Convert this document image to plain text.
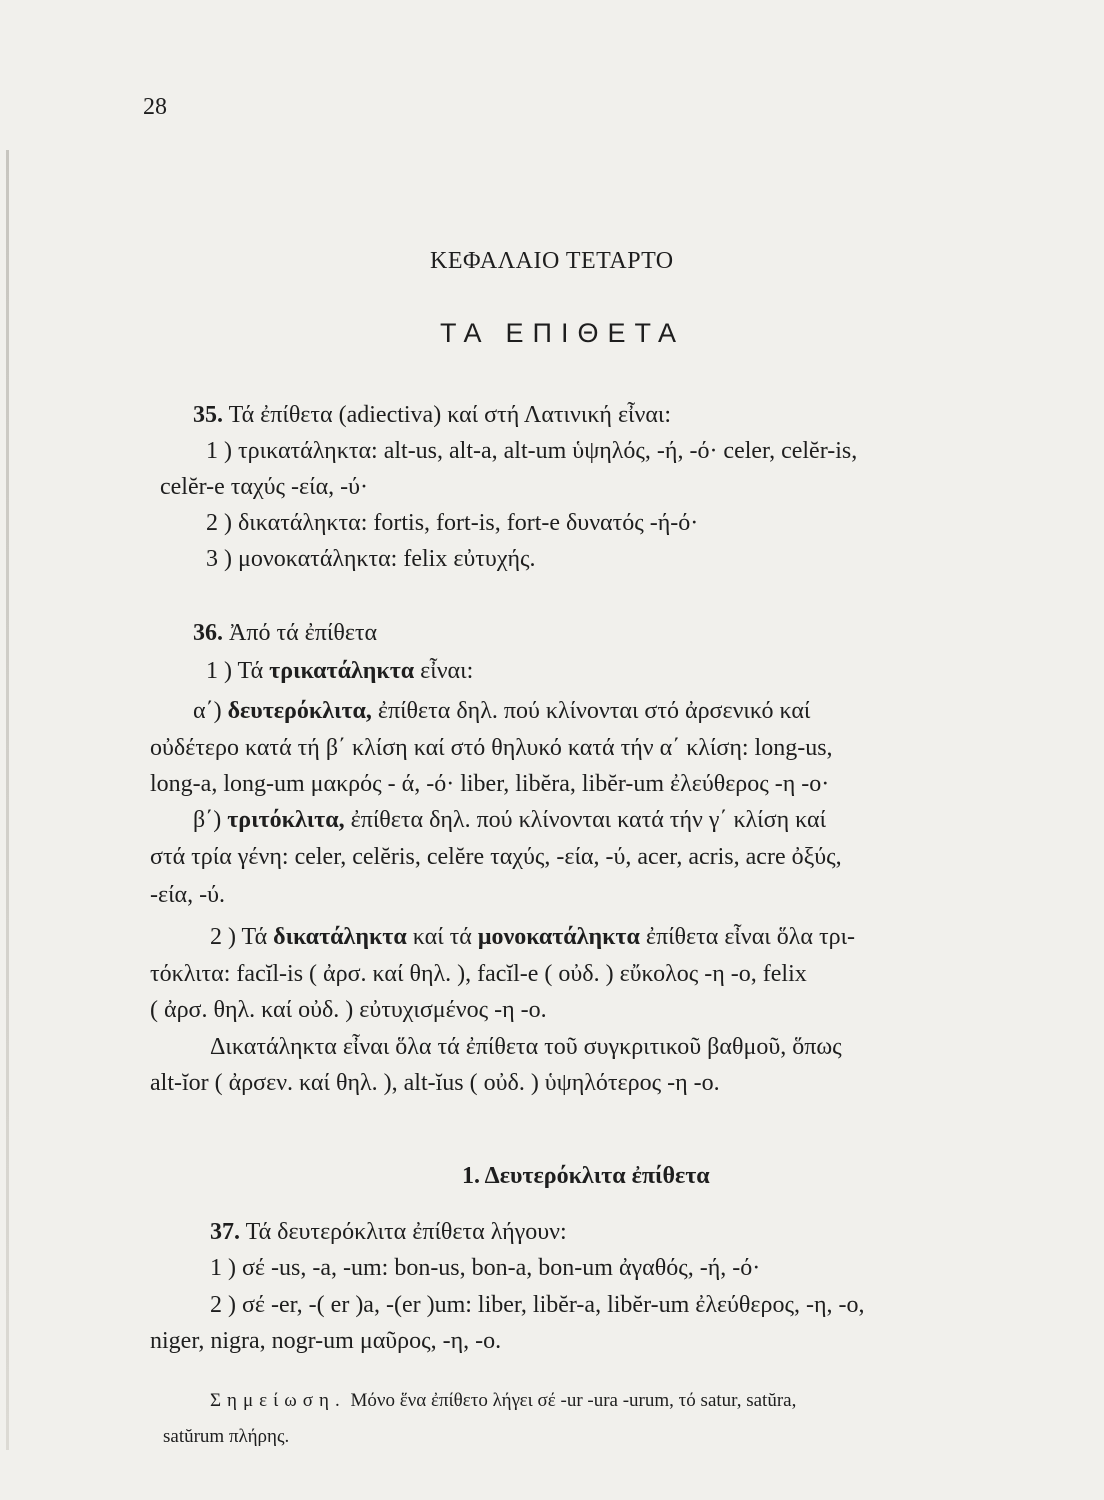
28

ΚΕΦΑΛΑΙΟ ΤΕΤΑΡΤΟ

ΤΑ ΕΠΙΘΕΤΑ

35. Τά ἐπίθετα (adiectiva) καί στή Λατινική εἶναι:

1 ) τρικατάληκτα: alt-us, alt-a, alt-um ὑψηλός, -ή, -ό· celer, celĕr-is,

celĕr-e ταχύς -εία, -ύ·

2 ) δικατάληκτα: fortis, fort-is, fort-e δυνατός -ή-ό·

3 ) μονοκατάληκτα: felix εὐτυχής.

36. Ἀπό τά ἐπίθετα

1 ) Τά τρικατάληκτα εἶναι:

α΄) δευτερόκλιτα, ἐπίθετα δηλ. πού κλίνονται στό ἀρσενικό καί

οὐδέτερο κατά τή β΄ κλίση καί στό θηλυκό κατά τήν α΄ κλίση: long-us,

long-a, long-um μακρός - ά, -ό· liber, libĕra, libĕr-um ἐλεύθερος -η -ο·

β΄) τριτόκλιτα, ἐπίθετα δηλ. πού κλίνονται κατά τήν γ΄ κλίση καί

στά τρία γένη: celer, celĕris, celĕre ταχύς, -εία, -ύ, acer, acris, acre ὀξύς,

-εία, -ύ.

2 ) Τά δικατάληκτα καί τά μονοκατάληκτα ἐπίθετα εἶναι ὅλα τρι-

τόκλιτα: facĭl-is ( ἀρσ. καί θηλ. ), facĭl-e ( οὐδ. ) εὔκολος -η -ο, felix

( ἀρσ. θηλ. καί οὐδ. ) εὐτυχισμένος -η -ο.

Δικατάληκτα εἶναι ὅλα τά ἐπίθετα τοῦ συγκριτικοῦ βαθμοῦ, ὅπως

alt-ĭor ( ἀρσεν. καί θηλ. ), alt-ĭus ( οὐδ. ) ὑψηλότερος -η -ο.

1. Δευτερόκλιτα ἐπίθετα

37. Τά δευτερόκλιτα ἐπίθετα λήγουν:

1 ) σέ -us, -a, -um: bon-us, bon-a, bon-um ἀγαθός, -ή, -ό·

2 ) σέ -er, -( er )a, -(er )um: liber, libĕr-a, libĕr-um ἐλεύθερος, -η, -ο,

niger, nigra, nogr-um μαῦρος, -η, -ο.

Σημείωση. Μόνο ἕνα ἐπίθετο λήγει σέ -ur -ura -urum, τό satur, satŭra,

satŭrum πλήρης.
